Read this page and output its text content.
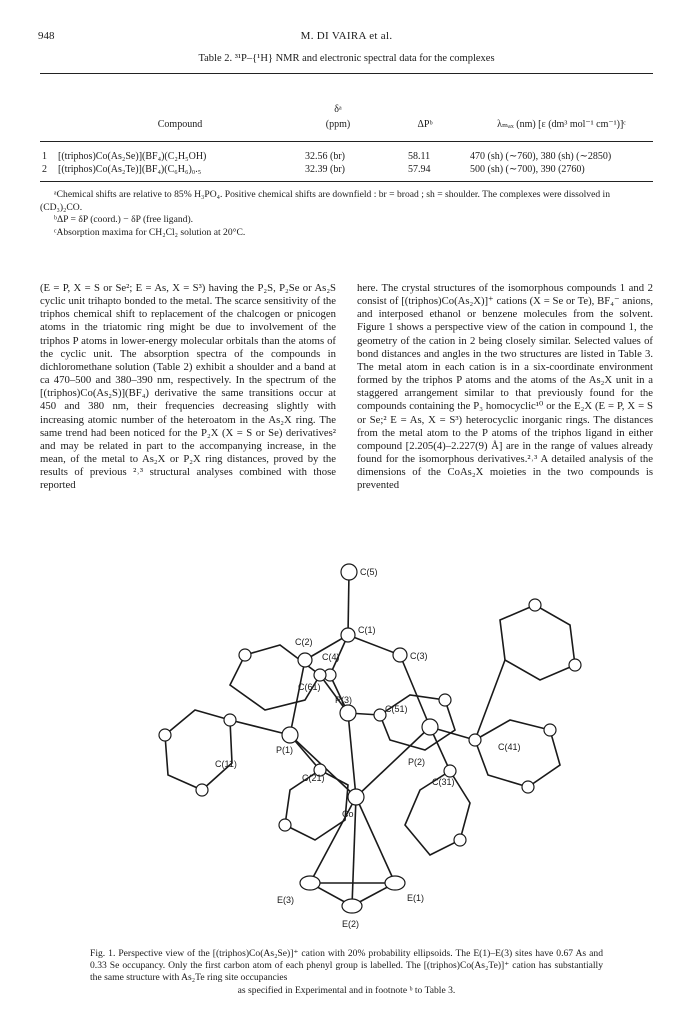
948	M. DI VAIRA et al.
Table 2. ³¹P–{¹H} NMR and electronic spectral data for the complexes
Compound
δᵃ
(ppm)	ΔPᵇ	λₘₐₓ (nm) [ε (dm³ mol⁻¹ cm⁻¹)]ᶜ
1 [(triphos)Co(As₂Se)](BF₄)(C₂H₅OH)	32.56 (br)	58.11	470 (sh) (∼760), 380 (sh) (∼2850)
2 [(triphos)Co(As₂Te)](BF₄)(C₆H₆)₀.₅	32.39 (br)	57.94	500 (sh) (∼700), 390 (2760)

ᵃChemical shifts are relative to 85% H₃PO₄. Positive chemical shifts are downfield : br = broad ; sh = shoulder. The complexes were dissolved in (CD₃)₂CO.

ᵇΔP = δP (coord.) − δP (free ligand).

ᶜAbsorption maxima for CH₂Cl₂ solution at 20°C.

(E = P, X = S or Se²; E = As, X = S³) having the P₂S, P₂Se or As₂S cyclic unit trihapto bonded to the metal. The scarce sensitivity of the triphos chemical shift to replacement of the chalcogen or pnicogen atoms in the triatomic ring might be due to involvement of the triphos P atoms in lower-energy molecular orbitals than the atoms of the cyclic unit. The absorption spectra of the compounds in dichloromethane solution (Table 2) exhibit a shoulder and a band at ca 470–500 and 380–390 nm, respectively. In the spectrum of the [(triphos)Co(As₂S)](BF₄) derivative the same transitions occur at 450 and 380 nm, their frequencies decreasing slightly with increasing atomic number of the heteroatom in the As₂X ring. The same trend had been noticed for the P₂X (X = S or Se) derivatives² and may be related in part to the accompanying increase, in the mean, of the metal to As₂X or P₂X ring distances, proved by the results of previous ²˒³ structural analyses combined with those reported
here. The crystal structures of the isomorphous compounds 1 and 2 consist of [(triphos)Co(As₂X)]⁺ cations (X = Se or Te), BF₄⁻ anions, and interposed ethanol or benzene molecules from the solvent. Figure 1 shows a perspective view of the cation in compound 1, the geometry of the cation in 2 being closely similar. Selected values of bond distances and angles in the two structures are listed in Table 3. The metal atom in each cation is in a six-coordinate environment formed by the triphos P atoms and the atoms of the As₂X unit in a staggered arrangement similar to that previously found for the compounds containing the P₃ homocyclic¹⁰ or the E₂X (E = P, X = S or Se;² E = As, X = S³) heterocyclic inorganic rings. The distances from the metal atom to the P atoms of the triphos ligand in either compound [2.205(4)–2.227(9) Å] are in the range of values already found for the isomorphous derivatives.²˒³ A detailed analysis of the dimensions of the CoAs₂X moieties in the two compounds is prevented
C(5)
C(1)
C(2)
C(4)	C(3)
C(61)
P(3)
C(51)
C(41)
C(11)
P(1)
C(21)
P(2)
C(31)
Co
E(3)	E(1)
E(2)
Fig. 1. Perspective view of the [(triphos)Co(As₂Se)]⁺ cation with 20% probability ellipsoids. The E(1)–E(3) sites have 0.67 As and 0.33 Se occupancy. Only the first carbon atom of each phenyl group is labelled. The [(triphos)Co(As₂Te)]⁺ cation has substantially the same structure with As₂Te ring site occupancies
as specified in Experimental and in footnote ᵇ to Table 3.
